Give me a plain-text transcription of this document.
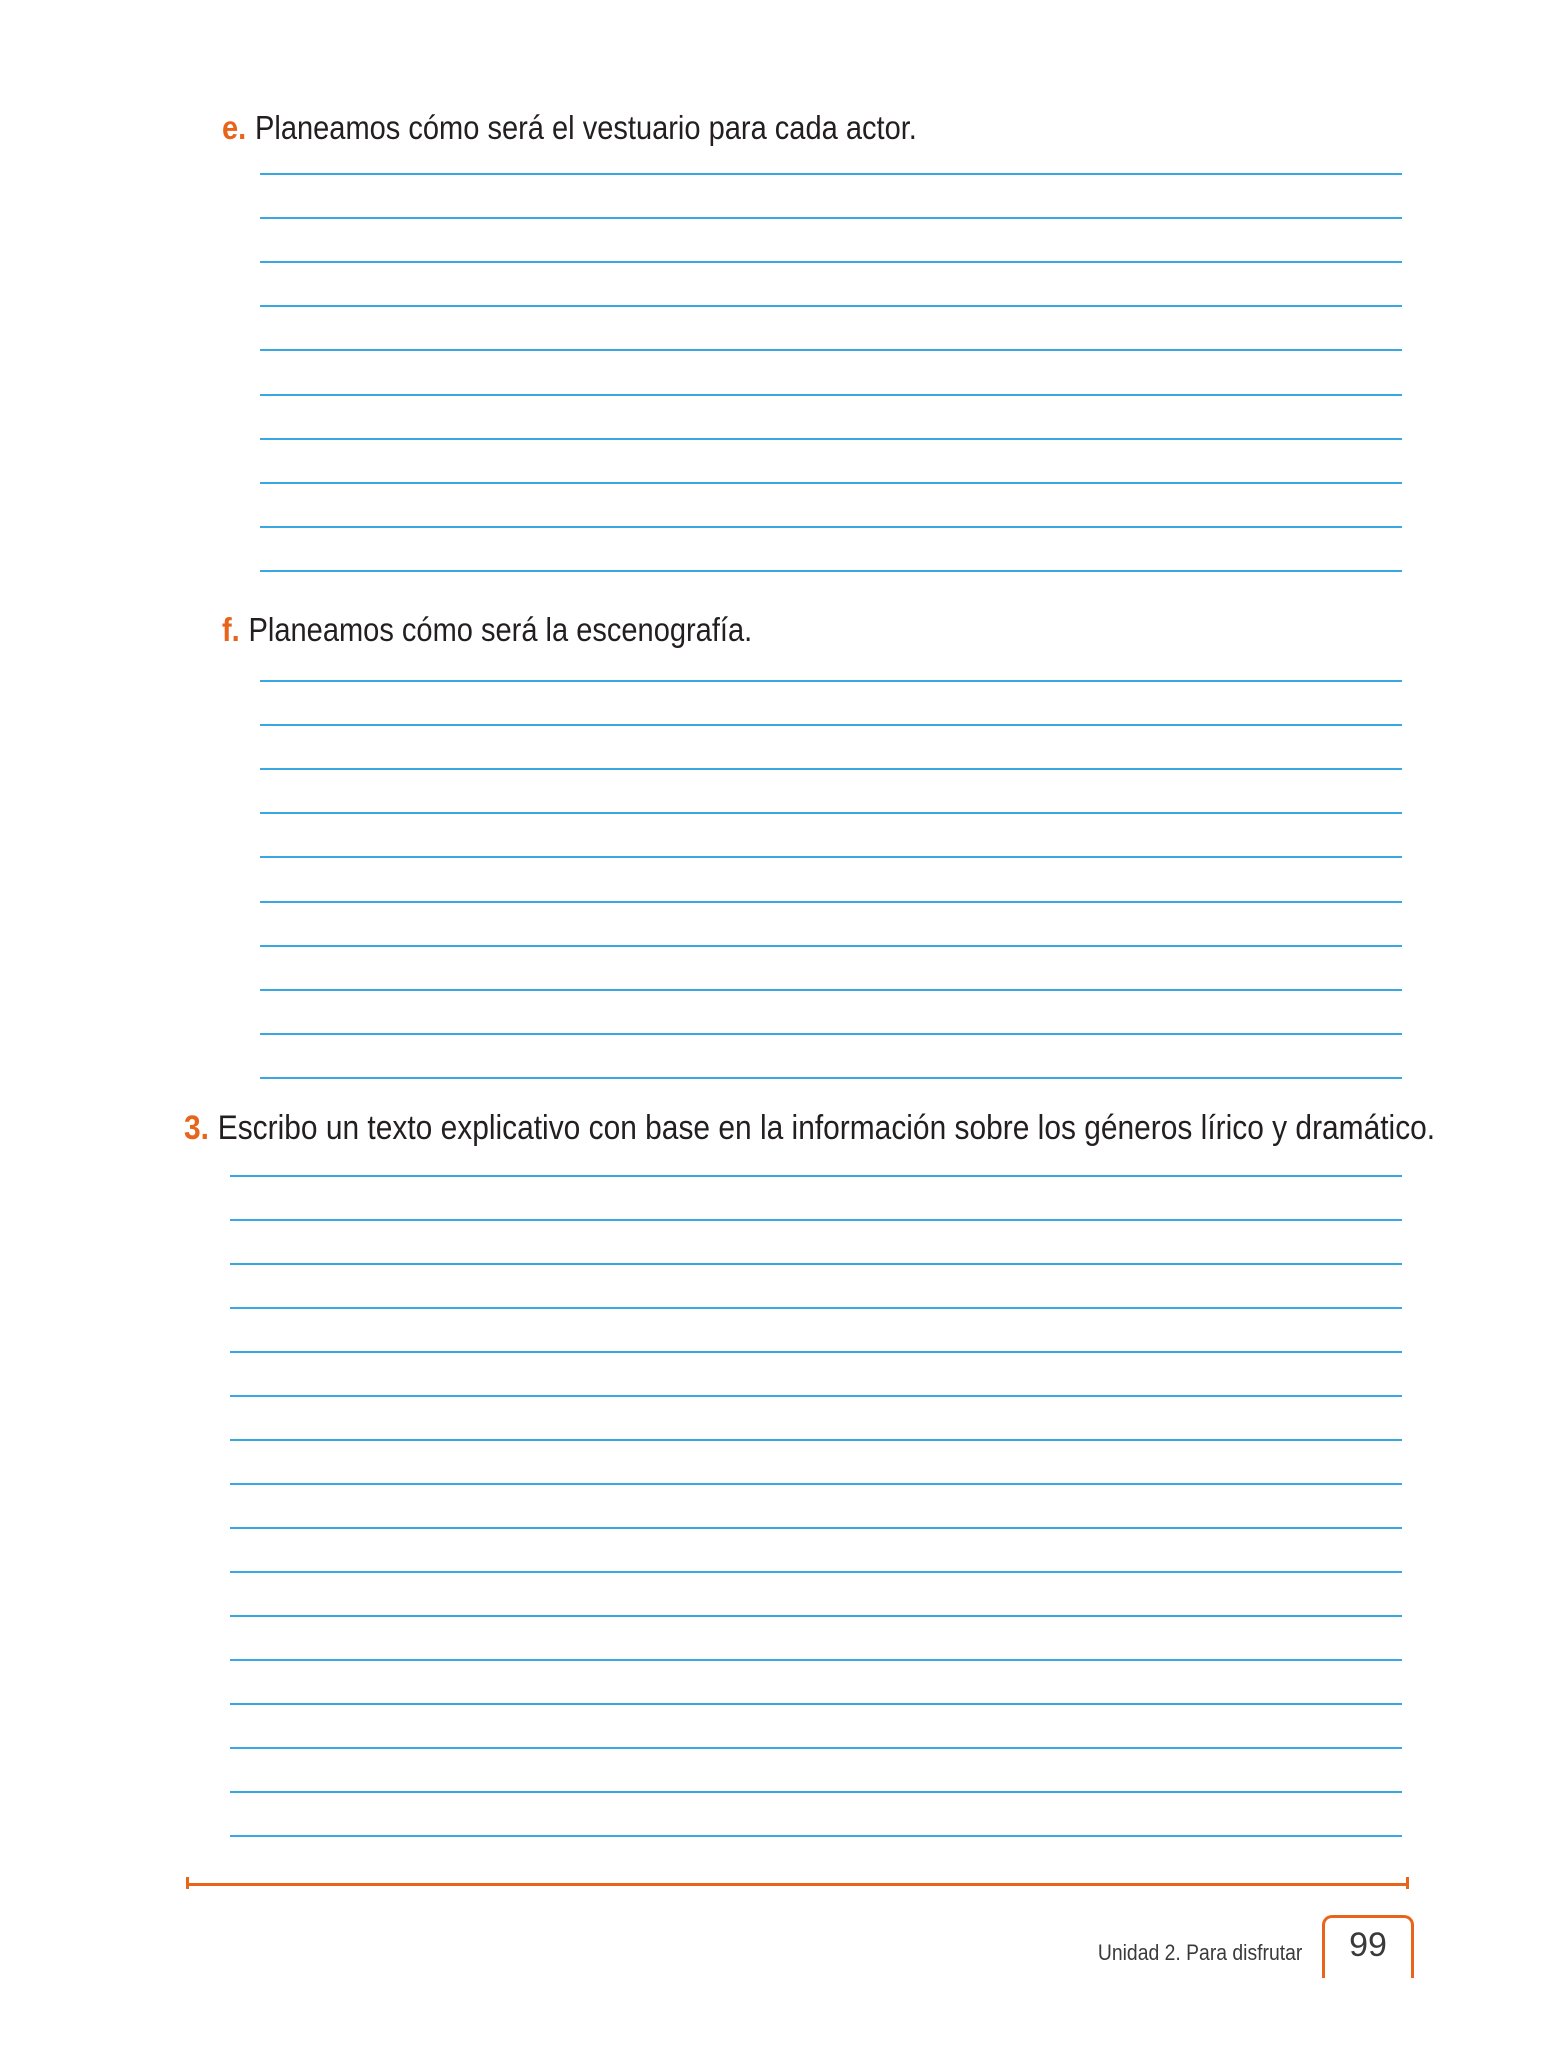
e. Planeamos cómo será el vestuario para cada actor.
f. Planeamos cómo será la escenografía.
3. Escribo un texto explicativo con base en la información sobre los géneros lírico y dramático.
Unidad 2. Para disfrutar	99
